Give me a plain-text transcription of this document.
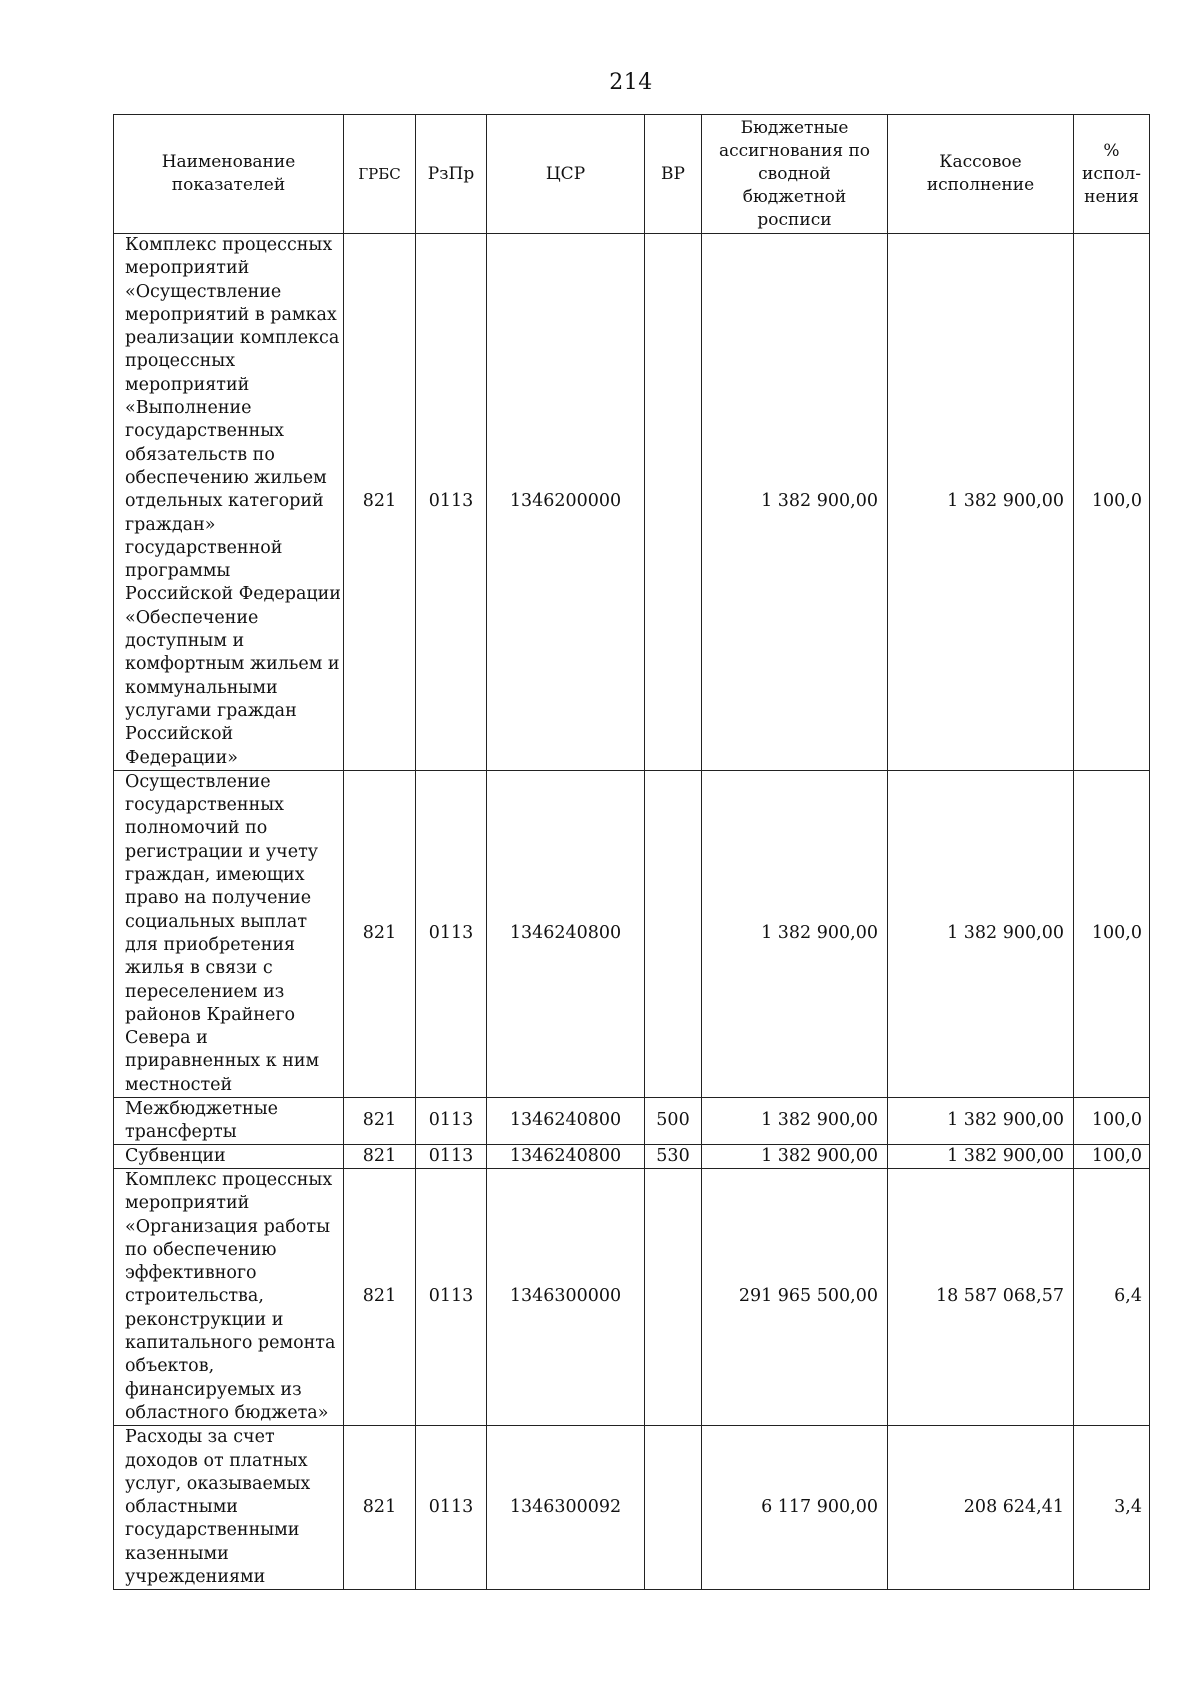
214
Наименование показателей	ГРБС	РзПр	ЦСР	ВР	Бюджетные ассигнования по сводной бюджетной росписи	Кассовое исполнение	% испол-нения
Комплекс процессных мероприятий «Осуществление мероприятий в рамках реализации комплекса процессных мероприятий «Выполнение государственных обязательств по обеспечению жильем отдельных категорий граждан» государственной программы Российской Федерации «Обеспечение доступным и комфортным жильем и коммунальными услугами граждан Российской Федерации»	821	0113	1346200000		1 382 900,00	1 382 900,00	100,0
Осуществление государственных полномочий по регистрации и учету граждан, имеющих право на получение социальных выплат для приобретения жилья в связи с переселением из районов Крайнего Севера и приравненных к ним местностей	821	0113	1346240800		1 382 900,00	1 382 900,00	100,0
Межбюджетные трансферты	821	0113	1346240800	500	1 382 900,00	1 382 900,00	100,0
Субвенции	821	0113	1346240800	530	1 382 900,00	1 382 900,00	100,0
Комплекс процессных мероприятий «Организация работы по обеспечению эффективного строительства, реконструкции и капитального ремонта объектов, финансируемых из областного бюджета»	821	0113	1346300000		291 965 500,00	18 587 068,57	6,4
Расходы за счет доходов от платных услуг, оказываемых областными государственными казенными учреждениями	821	0113	1346300092		6 117 900,00	208 624,41	3,4
